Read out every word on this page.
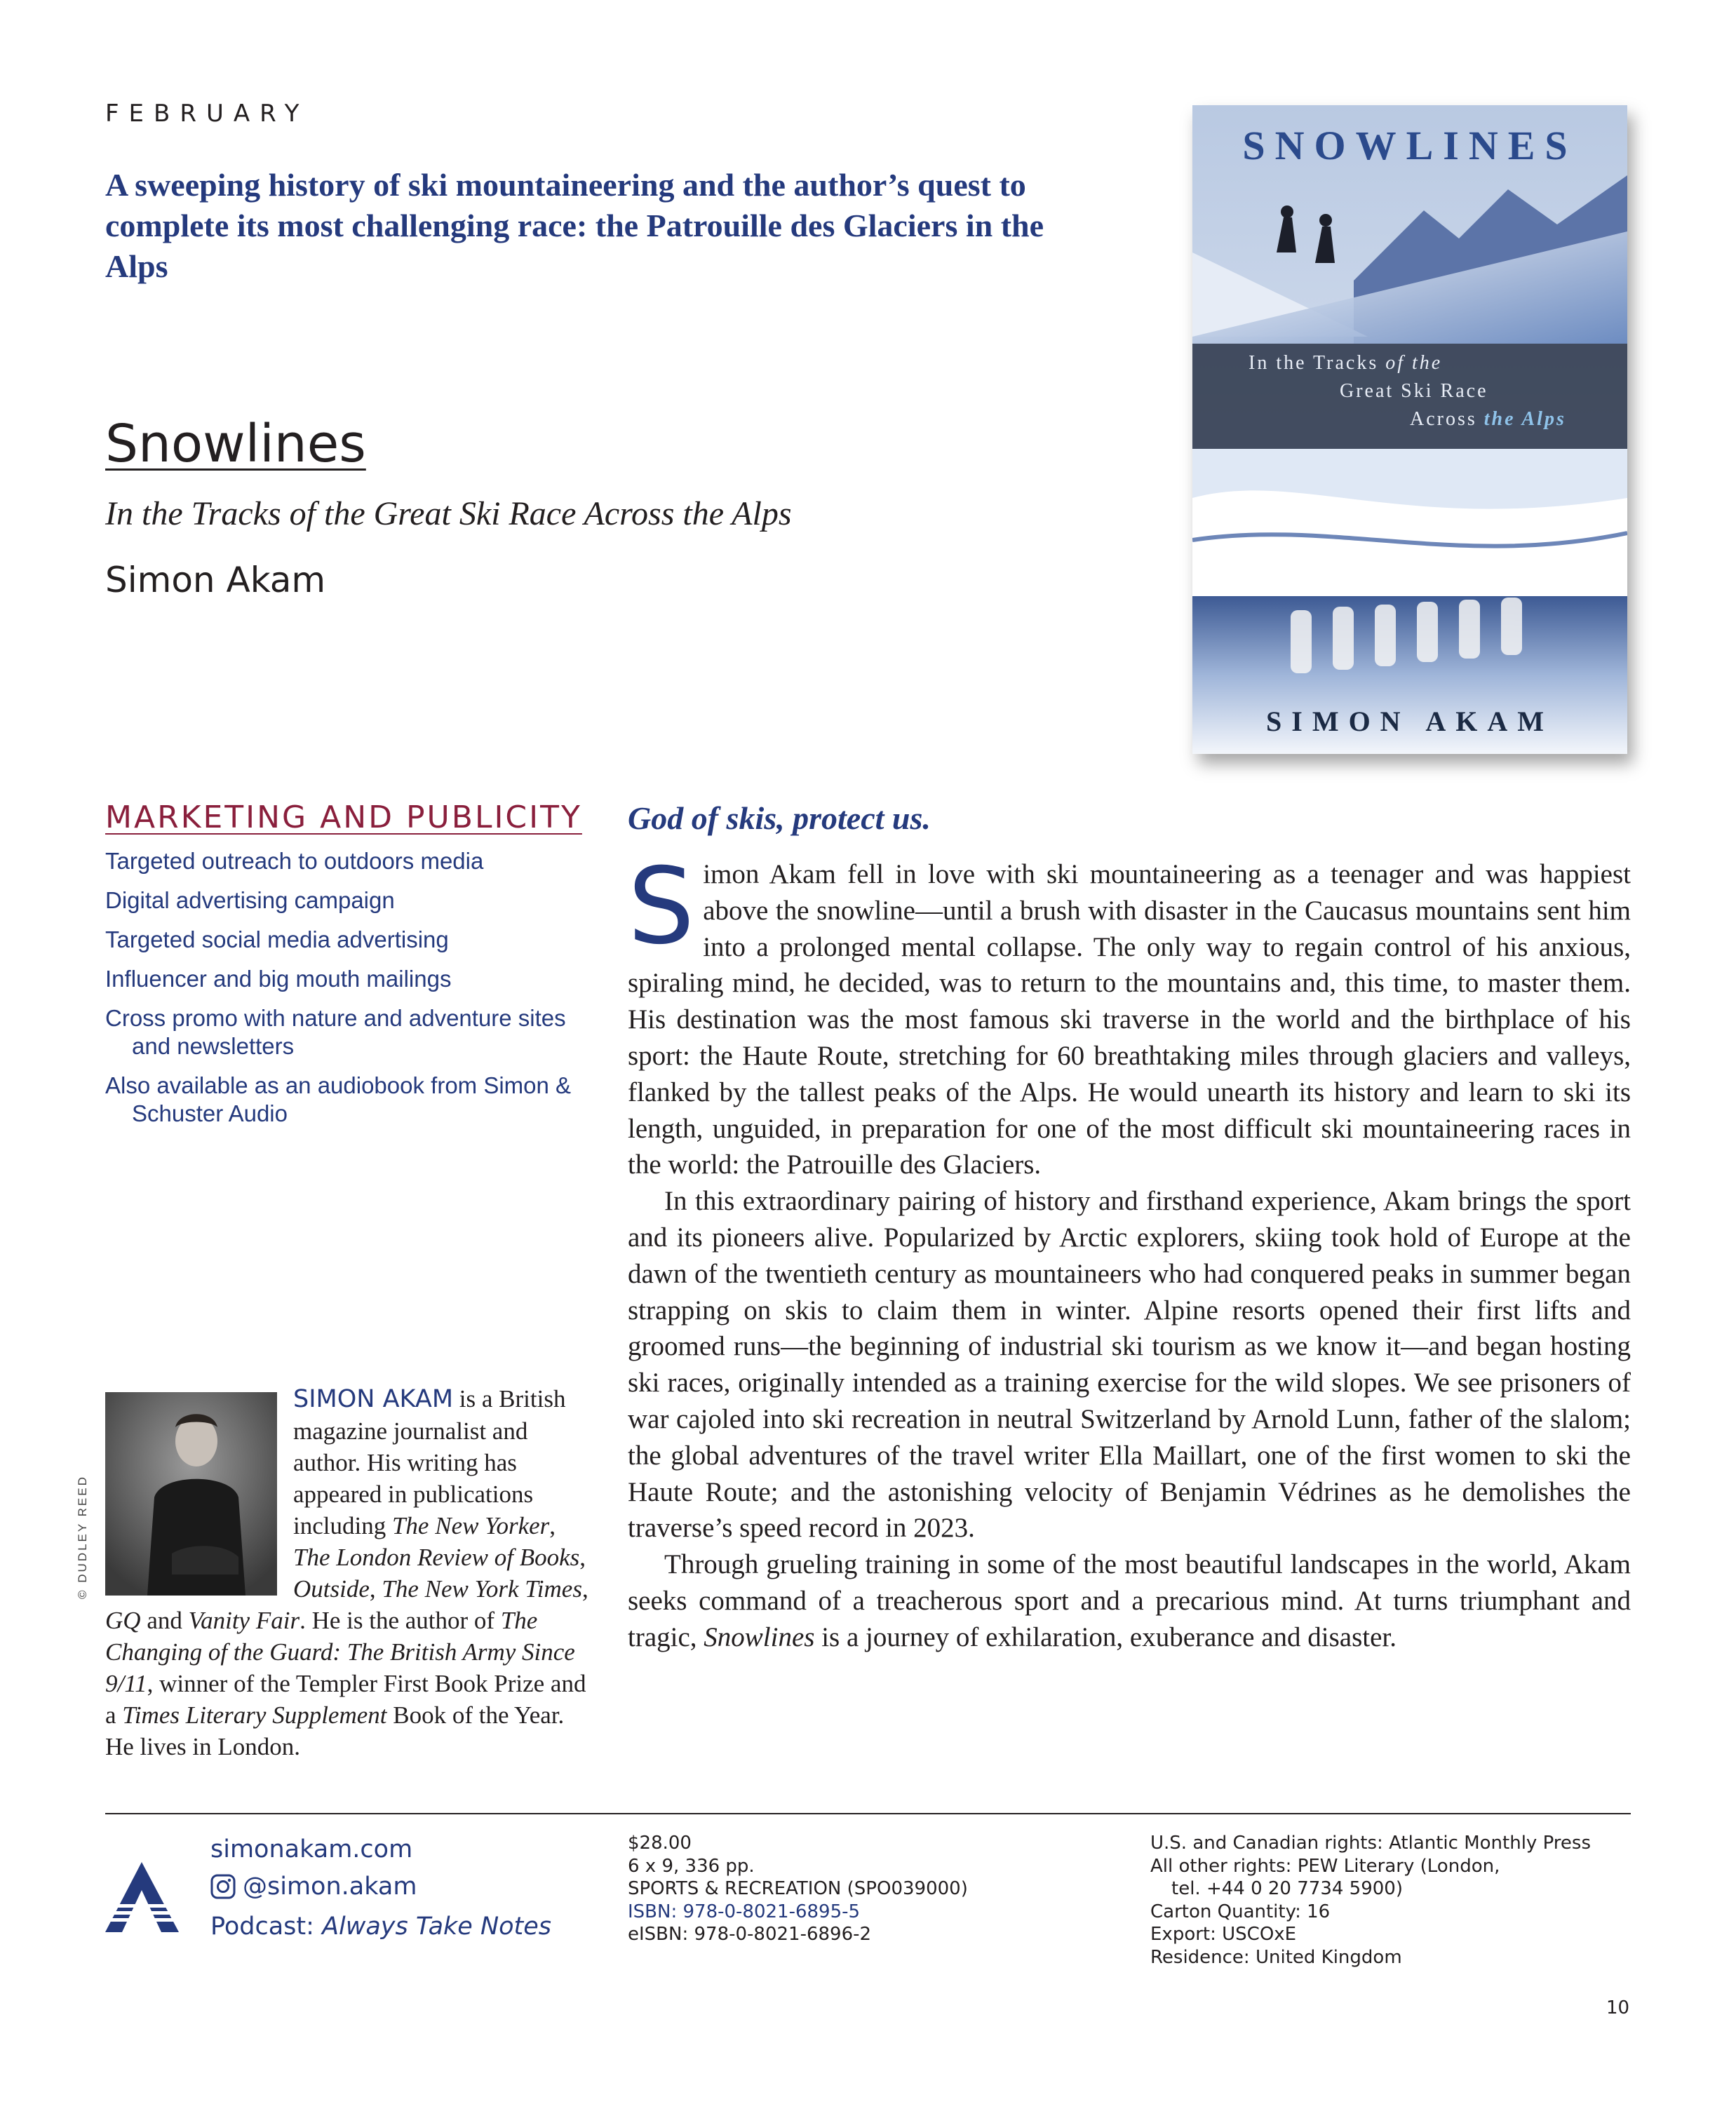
FEBRUARY
A sweeping history of ski mountaineering and the author’s quest to complete its most challenging race: the Patrouille des Glaciers in the Alps
Snowlines
In the Tracks of the Great Ski Race Across the Alps
Simon Akam
SNOWLINES
In the Tracks of the
Great Ski Race
Across the Alps
SIMON AKAM
MARKETING AND PUBLICITY
Targeted outreach to outdoors media
Digital advertising campaign
Targeted social media advertising
Influencer and big mouth mailings
Cross promo with nature and adventure sites and newsletters
Also available as an audiobook from Simon & Schuster Audio
God of skis, protect us.

Simon Akam fell in love with ski mountaineering as a teenager and was happiest above the snowline—until a brush with disaster in the Caucasus mountains sent him into a prolonged mental collapse. The only way to regain control of his anxious, spiraling mind, he decided, was to return to the mountains and, this time, to master them. His destination was the most famous ski traverse in the world and the birthplace of his sport: the Haute Route, stretching for 60 breathtaking miles through glaciers and valleys, flanked by the tallest peaks of the Alps. He would unearth its history and learn to ski its length, unguided, in preparation for one of the most difficult ski mountaineering races in the world: the Patrouille des Glaciers.

In this extraordinary pairing of history and firsthand experience, Akam brings the sport and its pioneers alive. Popularized by Arctic explorers, skiing took hold of Europe at the dawn of the twentieth century as mountaineers who had conquered peaks in summer began strapping on skis to claim them in winter. Alpine resorts opened their first lifts and groomed runs—the beginning of industrial ski tourism as we know it—and began hosting ski races, originally intended as a training exercise for the wild slopes. We see prisoners of war cajoled into ski recreation in neutral Switzerland by Arnold Lunn, father of the slalom; the global adventures of the travel writer Ella Maillart, one of the first women to ski the Haute Route; and the astonishing velocity of Benjamin Védrines as he demolishes the traverse’s speed record in 2023.

Through grueling training in some of the most beautiful landscapes in the world, Akam seeks command of a treacherous sport and a precarious mind. At turns triumphant and tragic, Snowlines is a journey of exhilaration, exuberance and disaster.

© DUDLEY REED
SIMON AKAM is a British magazine journalist and author. His writing has appeared in publications including The New Yorker, The London Review of Books, Outside, The New York Times, GQ and Vanity Fair. He is the author of The Changing of the Guard: The British Army Since 9/11, winner of the Templer First Book Prize and a Times Literary Supplement Book of the Year. He lives in London.
simonakam.com
@simon.akam
Podcast: Always Take Notes
$28.00
6 x 9, 336 pp.
SPORTS & RECREATION (SPO039000)
ISBN: 978-0-8021-6895-5
eISBN: 978-0-8021-6896-2
U.S. and Canadian rights: Atlantic Monthly Press
All other rights: PEW Literary (London,
tel. +44 0 20 7734 5900)
Carton Quantity: 16
Export: USCOxE
Residence: United Kingdom
10
